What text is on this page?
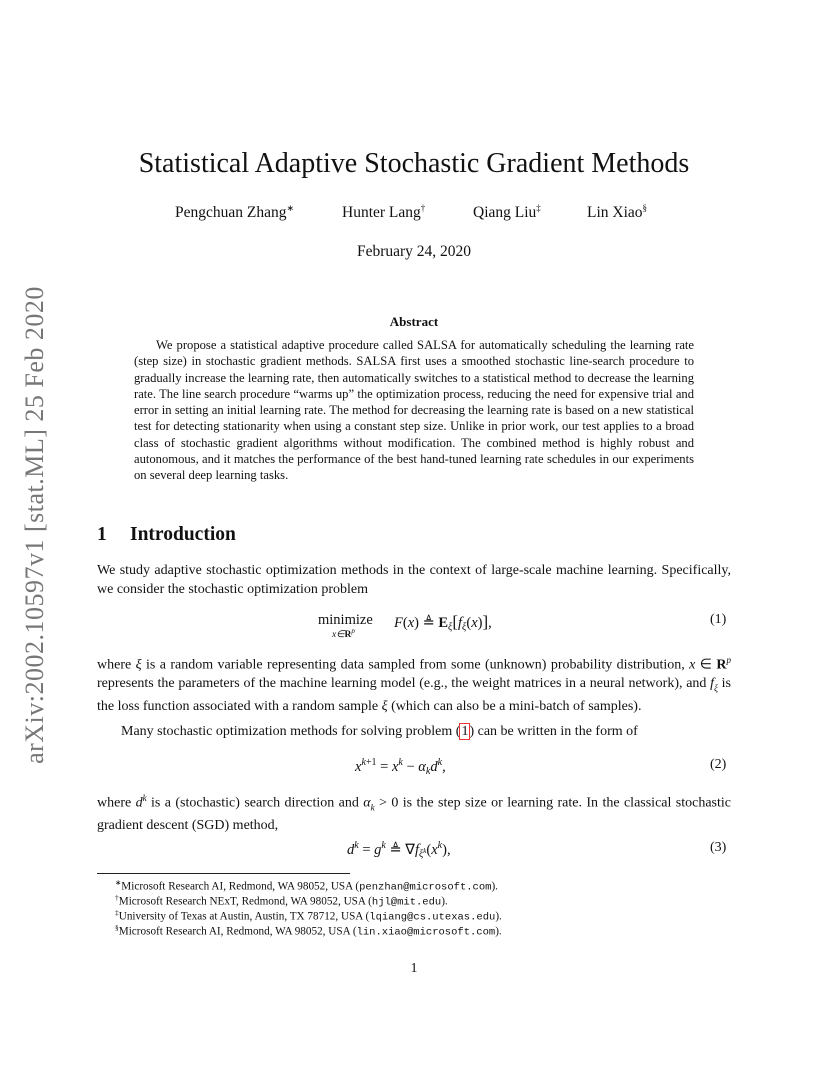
arXiv:2002.10597v1 [stat.ML] 25 Feb 2020
Statistical Adaptive Stochastic Gradient Methods
Pengchuan Zhang∗	Hunter Lang†	Qiang Liu‡	Lin Xiao§
February 24, 2020
Abstract
We propose a statistical adaptive procedure called SALSA for automatically scheduling the learning rate (step size) in stochastic gradient methods. SALSA first uses a smoothed stochastic line-search procedure to gradually increase the learning rate, then automatically switches to a statistical method to decrease the learning rate. The line search procedure “warms up” the optimization process, reducing the need for expensive trial and error in setting an initial learning rate. The method for decreasing the learning rate is based on a new statistical test for detecting stationarity when using a constant step size. Unlike in prior work, our test applies to a broad class of stochastic gradient algorithms without modification. The combined method is highly robust and autonomous, and it matches the performance of the best hand-tuned learning rate schedules in our experiments on several deep learning tasks.
1 Introduction
We study adaptive stochastic optimization methods in the context of large-scale machine learning. Specifically, we consider the stochastic optimization problem
minimize
$x\in R^p$	F(x) ≜ $E_\xi[f_\xi(x)]$,	(1)
where ξ is a random variable representing data sampled from some (unknown) probability distribution, x ∈ $R^p$ represents the parameters of the machine learning model (e.g., the weight matrices in a neural network), and $f_\xi$ is the loss function associated with a random sample ξ (which can also be a mini-batch of samples).
Many stochastic optimization methods for solving problem (1) can be written in the form of
$x^{k+1} = x^k - \alpha_kd^k$,	(2)
where $d^k$ is a (stochastic) search direction and $\alpha_k > 0$ is the step size or learning rate. In the classical stochastic gradient descent (SGD) method,
$d^k = g^k$ ≜ $\nabla f_{\xi^k}(x^k)$,	(3)
∗Microsoft Research AI, Redmond, WA 98052, USA (penzhan@microsoft.com).
†Microsoft Research NExT, Redmond, WA 98052, USA (hjl@mit.edu).
‡University of Texas at Austin, Austin, TX 78712, USA (lqiang@cs.utexas.edu).
§Microsoft Research AI, Redmond, WA 98052, USA (lin.xiao@microsoft.com).
1
